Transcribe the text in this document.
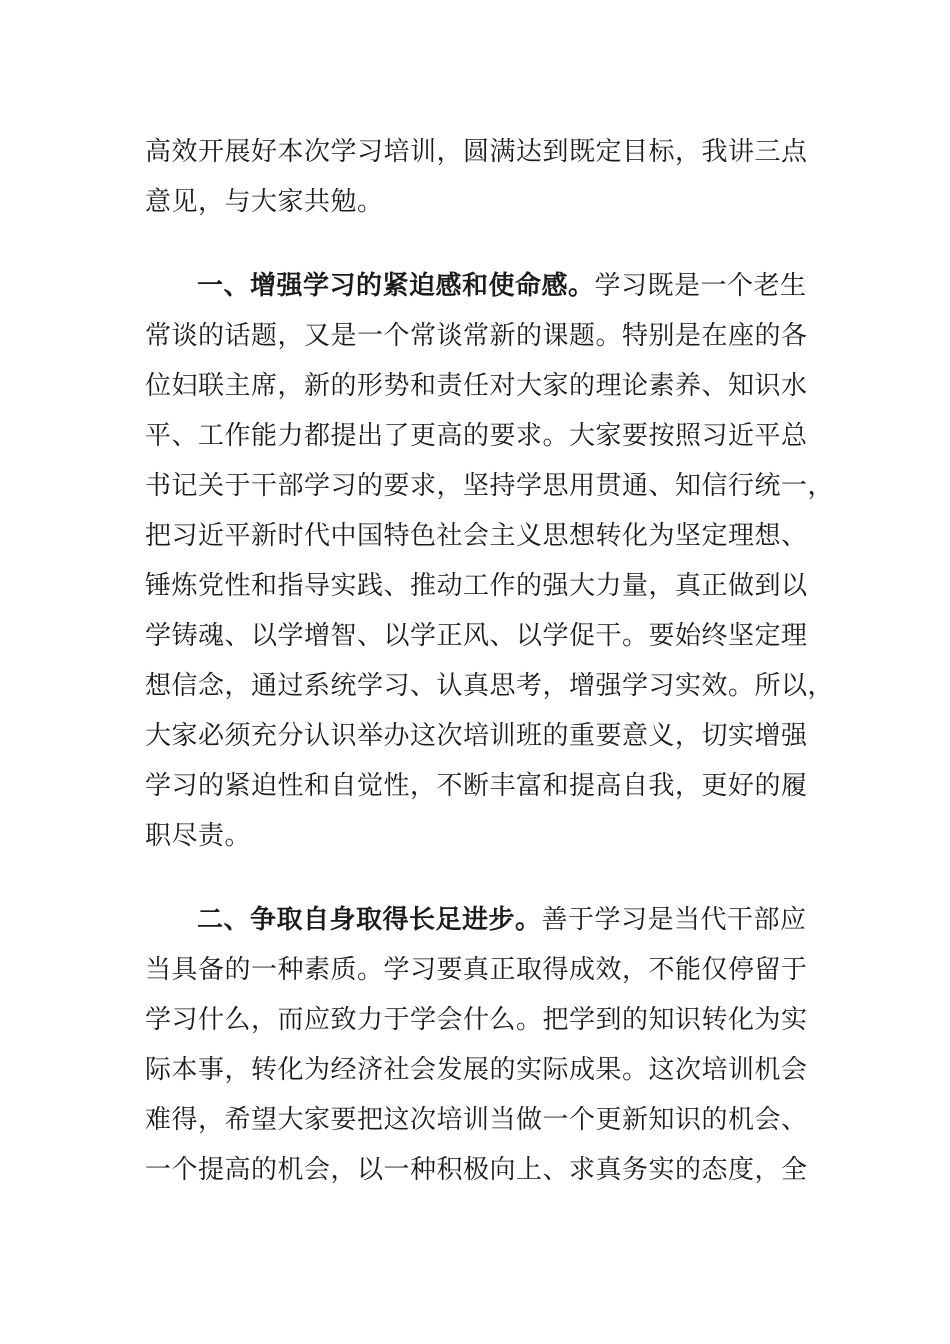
高效开展好本次学习培训，圆满达到既定目标，我讲三点
意见，与大家共勉。
一、增强学习的紧迫感和使命感。学习既是一个老生
常谈的话题，又是一个常谈常新的课题。特别是在座的各
位妇联主席，新的形势和责任对大家的理论素养、知识水
平、工作能力都提出了更高的要求。大家要按照习近平总
书记关于干部学习的要求，坚持学思用贯通、知信行统一，
把习近平新时代中国特色社会主义思想转化为坚定理想、
锤炼党性和指导实践、推动工作的强大力量，真正做到以
学铸魂、以学增智、以学正风、以学促干。要始终坚定理
想信念，通过系统学习、认真思考，增强学习实效。所以，
大家必须充分认识举办这次培训班的重要意义，切实增强
学习的紧迫性和自觉性，不断丰富和提高自我，更好的履
职尽责。
二、争取自身取得长足进步。善于学习是当代干部应
当具备的一种素质。学习要真正取得成效，不能仅停留于
学习什么，而应致力于学会什么。把学到的知识转化为实
际本事，转化为经济社会发展的实际成果。这次培训机会
难得，希望大家要把这次培训当做一个更新知识的机会、
一个提高的机会，以一种积极向上、求真务实的态度，全
